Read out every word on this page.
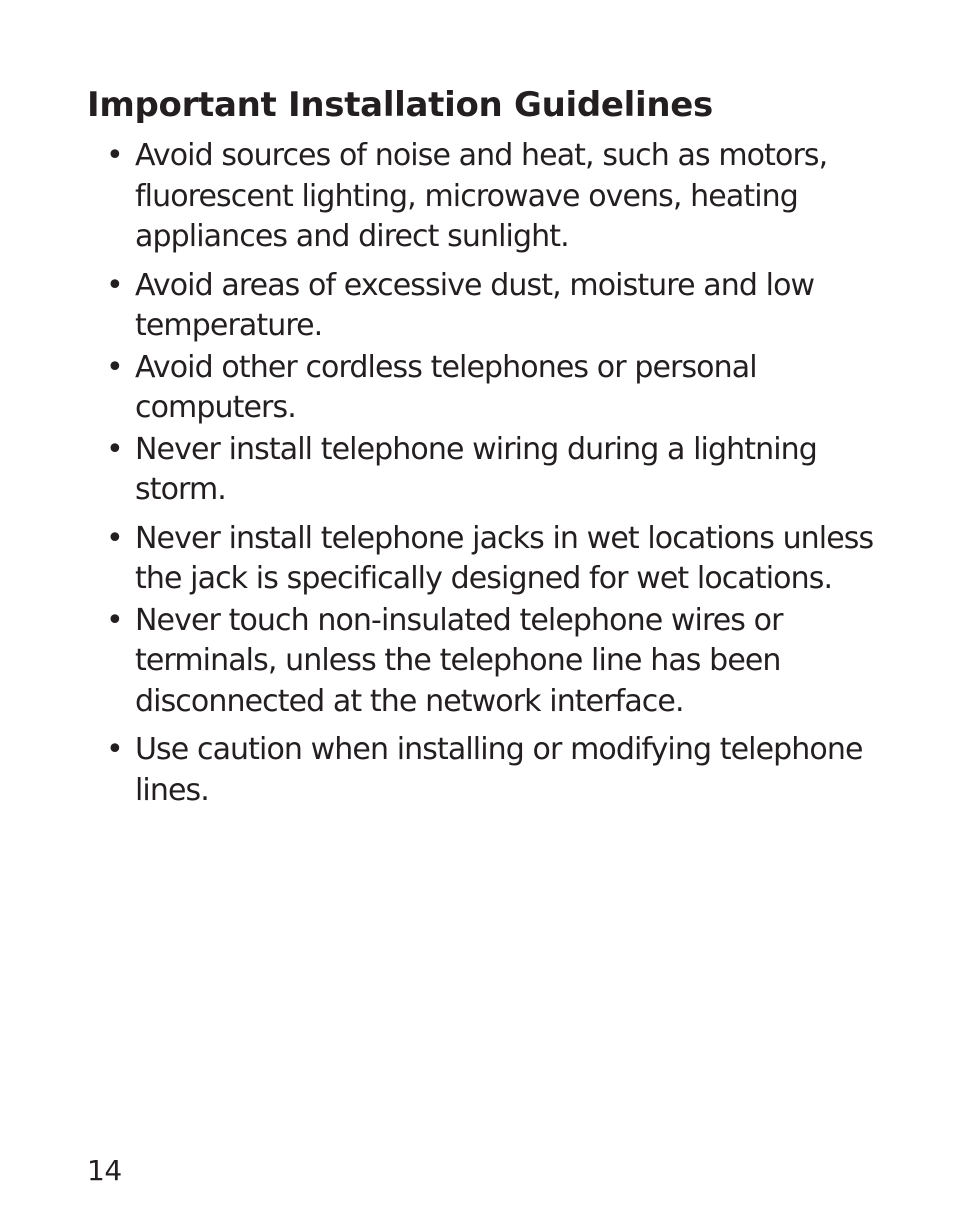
Important Installation Guidelines
• Avoid sources of noise and heat, such as motors, fluorescent lighting, microwave ovens, heating appliances and direct sunlight.
• Avoid areas of excessive dust, moisture and low temperature.
• Avoid other cordless telephones or personal computers.
• Never install telephone wiring during a lightning storm.
• Never install telephone jacks in wet locations unless the jack is specifically designed for wet locations.
• Never touch non-insulated telephone wires or terminals, unless the telephone line has been disconnected at the network interface.
• Use caution when installing or modifying telephone lines.
14
